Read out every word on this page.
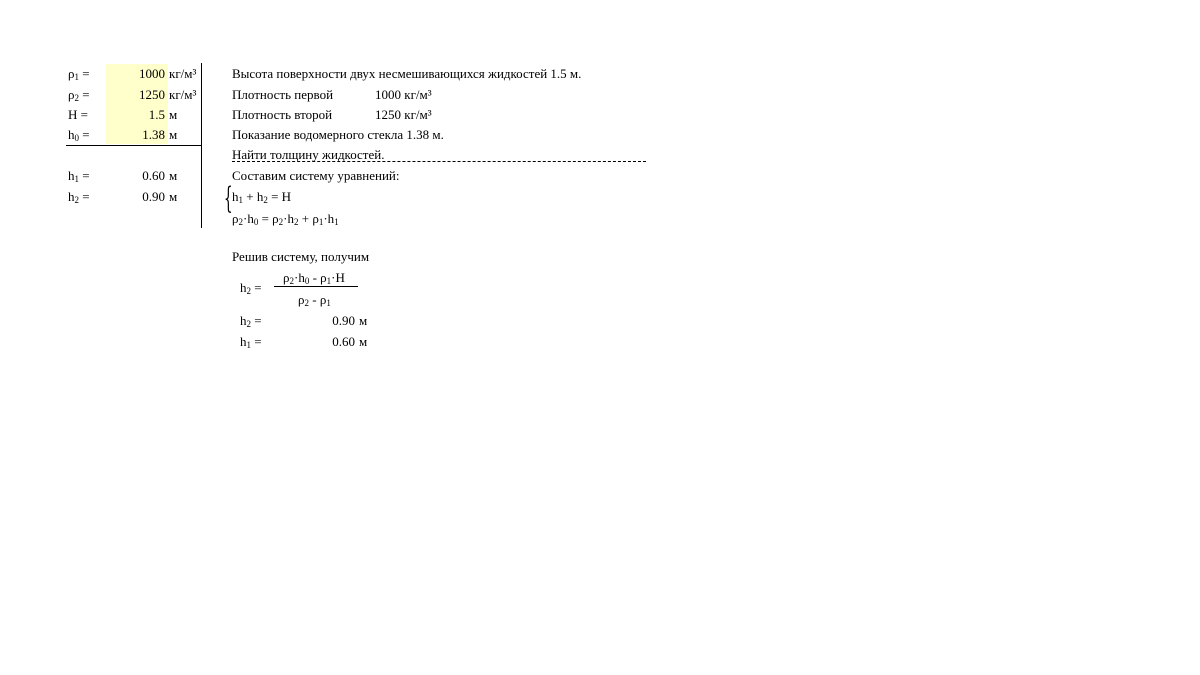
$\rho_1$ =	1000 кг/м³
$\rho_2$ =	1250 кг/м³
H =	1.5 м
$h_0$ =	1.38 м
$h_1$ =	0.60 м
$h_2$ =	0.90 м
Высота поверхности двух несмешивающихся жидкостей 1.5 м.
Плотность первой	1000 кг/м³
Плотность второй	1250 кг/м³
Показание водомерного стекла 1.38 м.
Найти толщину жидкостей.
Составим систему уравнений:
{ $h_1 + h_2 = H$
$\rho_2\cdot h_0 = \rho_2\cdot h_2 + \rho_1\cdot h_1$
Решив систему, получим
$h_2$ =
$\rho_2\cdot h_0 - \rho_1\cdot H$
$\rho_2 - \rho_1$
$h_2$ =	0.90 м
$h_1$ =	0.60 м
